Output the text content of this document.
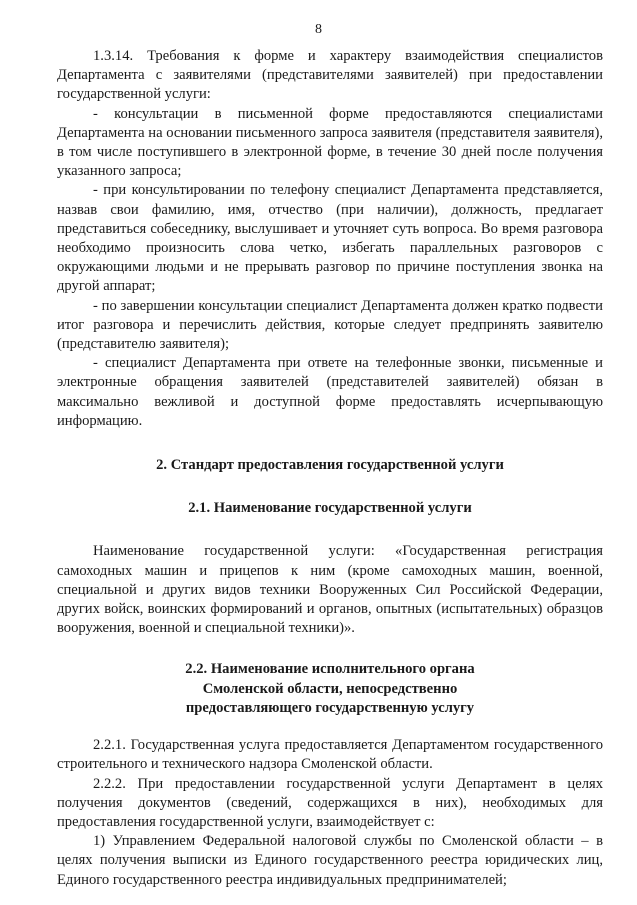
8

1.3.14. Требования к форме и характеру взаимодействия специалистов Департамента с заявителями (представителями заявителей) при предоставлении государственной услуги:

- консультации в письменной форме предоставляются специалистами Департамента на основании письменного запроса заявителя (представителя заявителя), в том числе поступившего в электронной форме, в течение 30 дней после получения указанного запроса;

- при консультировании по телефону специалист Департамента представляется, назвав свои фамилию, имя, отчество (при наличии), должность, предлагает представиться собеседнику, выслушивает и уточняет суть вопроса. Во время разговора необходимо произносить слова четко, избегать параллельных разговоров с окружающими людьми и не прерывать разговор по причине поступления звонка на другой аппарат;

- по завершении консультации специалист Департамента должен кратко подвести итог разговора и перечислить действия, которые следует предпринять заявителю (представителю заявителя);

- специалист Департамента при ответе на телефонные звонки, письменные и электронные обращения заявителей (представителей заявителей) обязан в максимально вежливой и доступной форме предоставлять исчерпывающую информацию.

2. Стандарт предоставления государственной услуги
2.1. Наименование государственной услуги

Наименование государственной услуги: «Государственная регистрация самоходных машин и прицепов к ним (кроме самоходных машин, военной, специальной и других видов техники Вооруженных Сил Российской Федерации, других войск, воинских формирований и органов, опытных (испытательных) образцов вооружения, военной и специальной техники)».

2.2. Наименование исполнительного органа
Смоленской области, непосредственно
предоставляющего государственную услугу

2.2.1. Государственная услуга предоставляется Департаментом государственного строительного и технического надзора Смоленской области.

2.2.2. При предоставлении государственной услуги Департамент в целях получения документов (сведений, содержащихся в них), необходимых для предоставления государственной услуги, взаимодействует с:

1) Управлением Федеральной налоговой службы по Смоленской области – в целях получения выписки из Единого государственного реестра юридических лиц, Единого государственного реестра индивидуальных предпринимателей;
